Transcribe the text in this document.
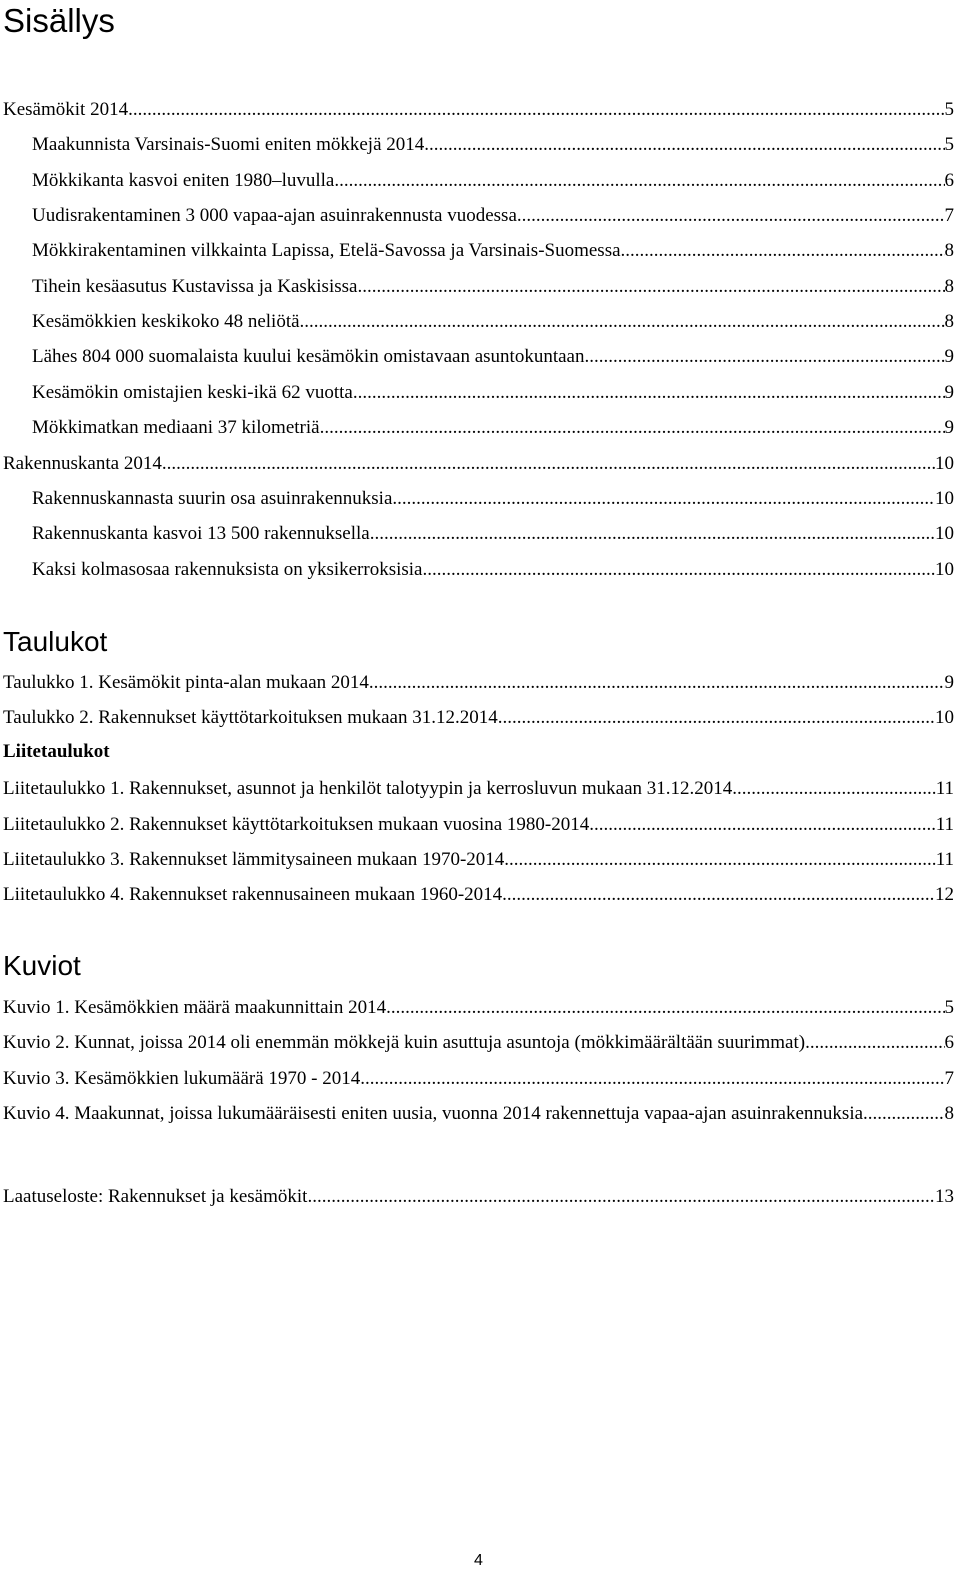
Sisällys
Kesämökit 2014 .....	5
Maakunnista Varsinais-Suomi eniten mökkejä 2014 .....	5
Mökkikanta kasvoi eniten 1980–luvulla .....	6
Uudisrakentaminen 3 000 vapaa-ajan asuinrakennusta vuodessa .....	7
Mökkirakentaminen vilkkainta Lapissa, Etelä-Savossa ja Varsinais-Suomessa .....	8
Tihein kesäasutus Kustavissa ja Kaskisissa .....	8
Kesämökkien keskikoko 48 neliötä .....	8
Lähes 804 000 suomalaista kuului kesämökin omistavaan asuntokuntaan .....	9
Kesämökin omistajien keski-ikä 62 vuotta .....	9
Mökkimatkan mediaani 37 kilometriä .....	9
Rakennuskanta 2014 .....	10
Rakennuskannasta suurin osa asuinrakennuksia .....	10
Rakennuskanta kasvoi 13 500 rakennuksella .....	10
Kaksi kolmasosaa rakennuksista on yksikerroksisia .....	10
Taulukot
Taulukko 1. Kesämökit pinta-alan mukaan 2014 .....	9
Taulukko 2. Rakennukset käyttötarkoituksen mukaan 31.12.2014 .....	10
Liitetaulukot
Liitetaulukko 1. Rakennukset, asunnot ja henkilöt talotyypin ja kerrosluvun mukaan 31.12.2014 .....	11
Liitetaulukko 2. Rakennukset käyttötarkoituksen mukaan vuosina 1980-2014 .....	11
Liitetaulukko 3. Rakennukset lämmitysaineen mukaan 1970-2014 .....	11
Liitetaulukko 4. Rakennukset rakennusaineen mukaan 1960-2014 .....	12
Kuviot
Kuvio 1. Kesämökkien määrä maakunnittain 2014 .....	5
Kuvio 2. Kunnat, joissa 2014 oli enemmän mökkejä kuin asuttuja asuntoja (mökkimäärältään suurimmat) .....	6
Kuvio 3. Kesämökkien lukumäärä 1970 - 2014 .....	7
Kuvio 4. Maakunnat, joissa lukumääräisesti eniten uusia, vuonna 2014 rakennettuja vapaa-ajan asuinrakennuksia .....	8
Laatuseloste: Rakennukset ja kesämökit .....	13
4
